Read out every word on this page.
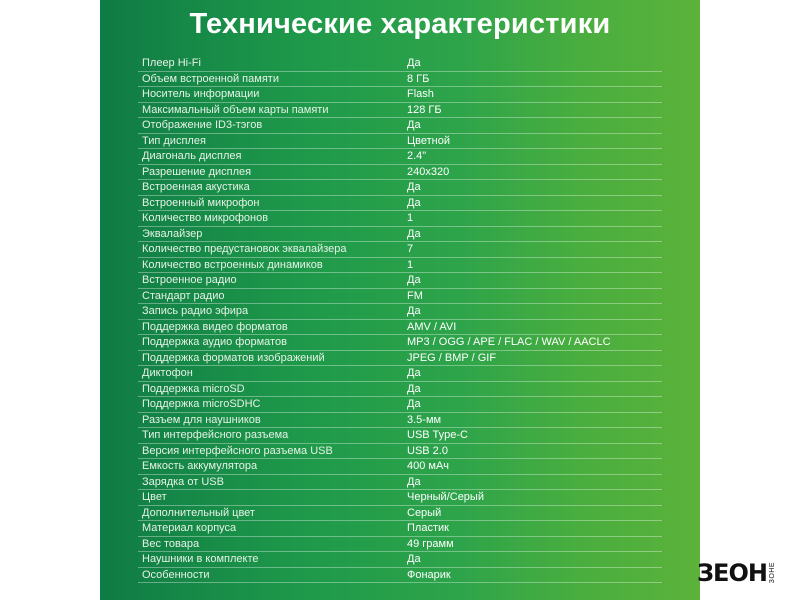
Технические характеристики
Плеер Hi-Fi	Да
Объем встроенной памяти	8 ГБ
Носитель информации	Flash
Максимальный объем карты памяти	128 ГБ
Отображение ID3-тэгов	Да
Тип дисплея	Цветной
Диагональ дисплея	2.4"
Разрешение дисплея	240x320
Встроенная акустика	Да
Встроенный микрофон	Да
Количество микрофонов	1
Эквалайзер	Да
Количество предустановок эквалайзера	7
Количество встроенных динамиков	1
Встроенное радио	Да
Стандарт радио	FM
Запись радио эфира	Да
Поддержка видео форматов	AMV / AVI
Поддержка аудио форматов	MP3 / OGG / APE / FLAC / WAV / AACLC
Поддержка форматов изображений	JPEG / BMP / GIF
Диктофон	Да
Поддержка microSD	Да
Поддержка microSDHC	Да
Разъем для наушников	3.5-мм
Тип интерфейсного разъема	USB Type-C
Версия интерфейсного разъема USB	USB 2.0
Емкость аккумулятора	400 мАч
Зарядка от USB	Да
Цвет	Черный/Серый
Дополнительный цвет	Серый
Материал корпуса	Пластик
Вес товара	49 грамм
Наушники в комплекте	Да
Особенности	Фонарик	ЗЕОН ЗОНЕ
